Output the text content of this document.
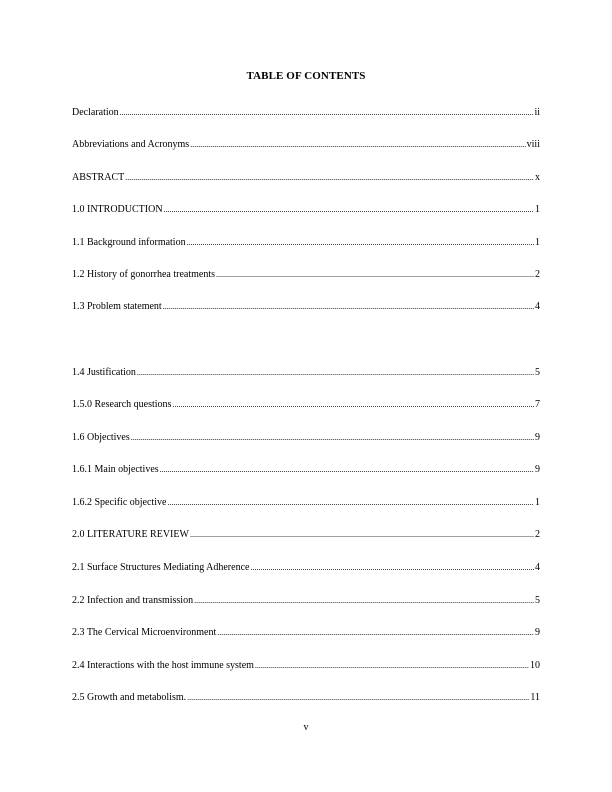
TABLE OF CONTENTS
Declaration .....	ii
Abbreviations and Acronyms .....	viii
ABSTRACT .....	x
1.0 INTRODUCTION .....	1
1.1 Background information .....	1
1.2 History of gonorrhea treatments .....	2
1.3 Problem statement .....	4
1.4 Justification .....	5
1.5.0 Research questions .....	7
1.6 Objectives .....	9
1.6.1 Main objectives .....	9
1.6.2 Specific objective .....	1
2.0 LITERATURE REVIEW .....	2
2.1 Surface Structures Mediating Adherence .....	4
2.2 Infection and transmission .....	5
2.3 The Cervical Microenvironment .....	9
2.4 Interactions with the host immune system .....	10
2.5 Growth and metabolism. .....	11
v
